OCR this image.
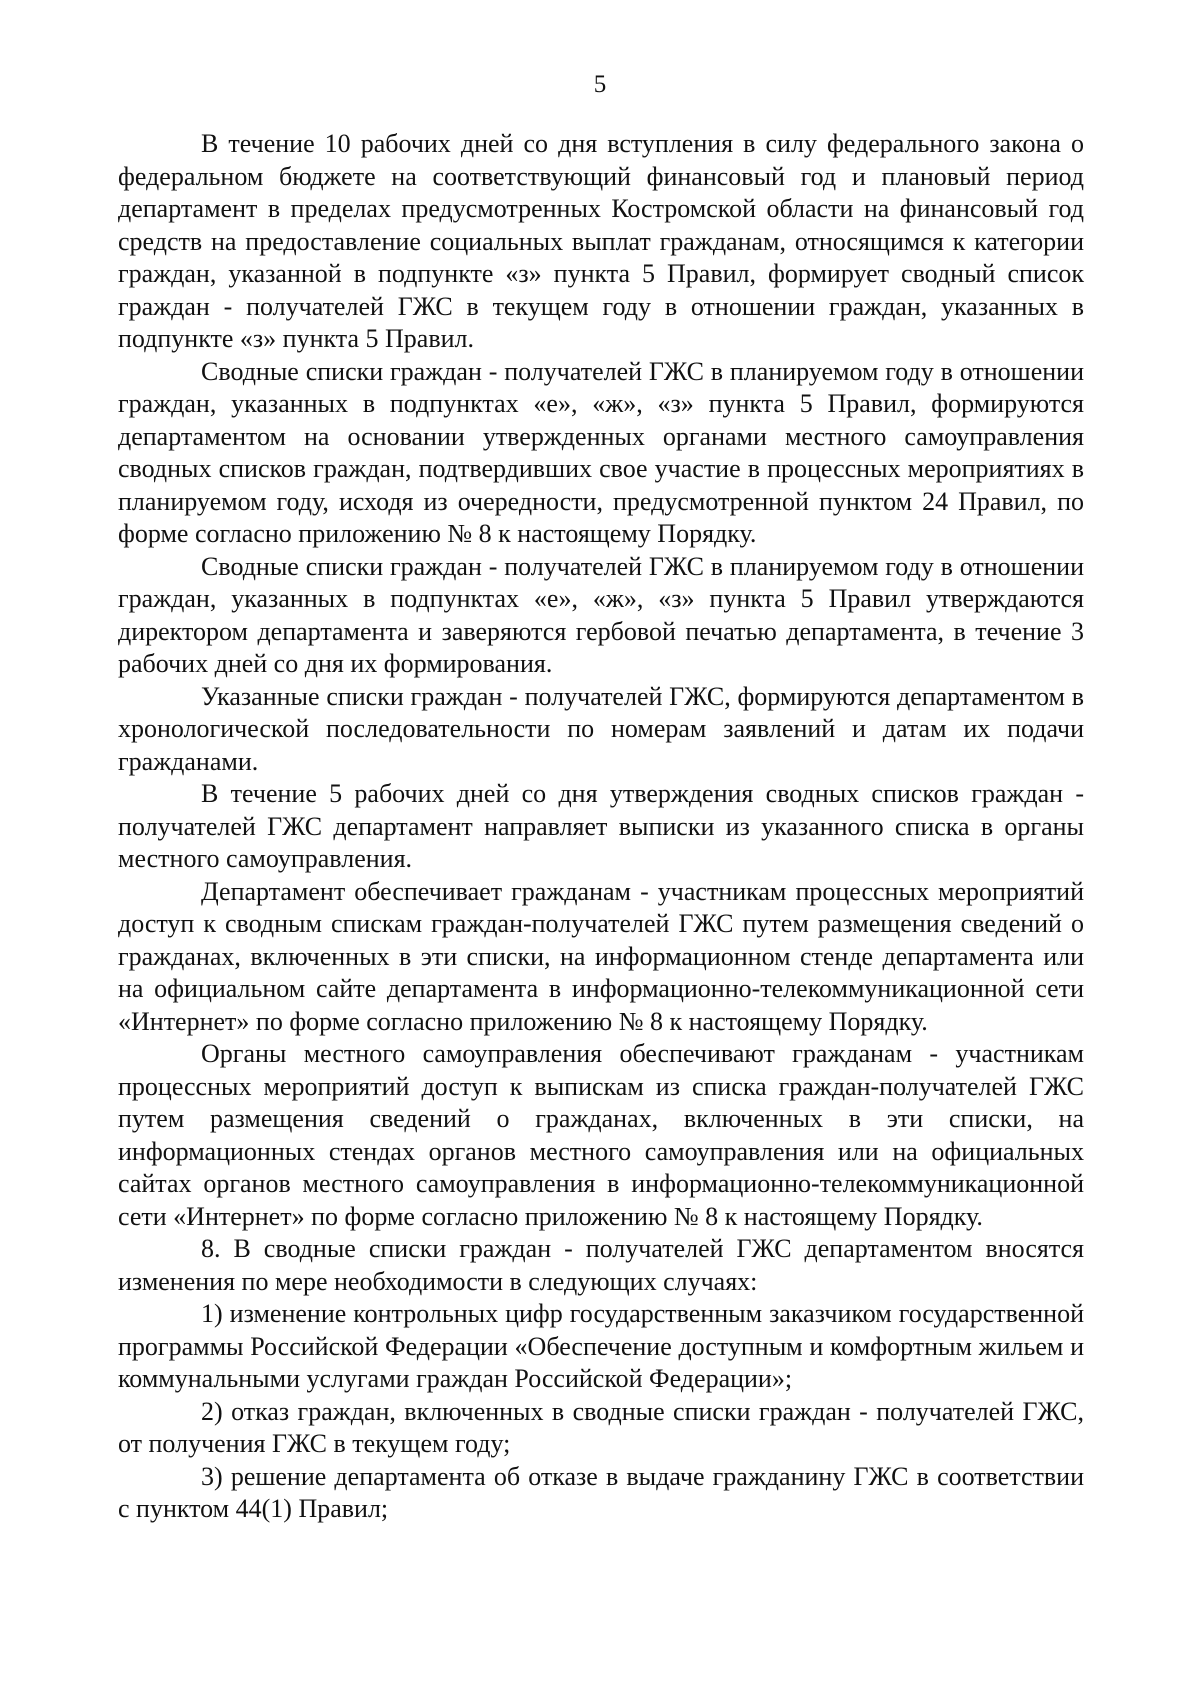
5

В течение 10 рабочих дней со дня вступления в силу федерального закона о федеральном бюджете на соответствующий финансовый год и плановый период департамент в пределах предусмотренных Костромской области на финансовый год средств на предоставление социальных выплат гражданам, относящимся к категории граждан, указанной в подпункте «з» пункта 5 Правил, формирует сводный список граждан - получателей ГЖС в текущем году в отношении граждан, указанных в подпункте «з» пункта 5 Правил.

Сводные списки граждан - получателей ГЖС в планируемом году в отношении граждан, указанных в подпунктах «е», «ж», «з» пункта 5 Правил, формируются департаментом на основании утвержденных органами местного самоуправления сводных списков граждан, подтвердивших свое участие в процессных мероприятиях в планируемом году, исходя из очередности, предусмотренной пунктом 24 Правил, по форме согласно приложению № 8 к настоящему Порядку.

Сводные списки граждан - получателей ГЖС в планируемом году в отношении граждан, указанных в подпунктах «е», «ж», «з» пункта 5 Правил утверждаются директором департамента и заверяются гербовой печатью департамента, в течение 3 рабочих дней со дня их формирования.

Указанные списки граждан - получателей ГЖС, формируются департаментом в хронологической последовательности по номерам заявлений и датам их подачи гражданами.

В течение 5 рабочих дней со дня утверждения сводных списков граждан - получателей ГЖС департамент направляет выписки из указанного списка в органы местного самоуправления.

Департамент обеспечивает гражданам - участникам процессных мероприятий доступ к сводным спискам граждан-получателей ГЖС путем размещения сведений о гражданах, включенных в эти списки, на информационном стенде департамента или на официальном сайте департамента в информационно-телекоммуникационной сети «Интернет» по форме согласно приложению № 8 к настоящему Порядку.

Органы местного самоуправления обеспечивают гражданам - участникам процессных мероприятий доступ к выпискам из списка граждан-получателей ГЖС путем размещения сведений о гражданах, включенных в эти списки, на информационных стендах органов местного самоуправления или на официальных сайтах органов местного самоуправления в информационно-телекоммуникационной сети «Интернет» по форме согласно приложению № 8 к настоящему Порядку.

8. В сводные списки граждан - получателей ГЖС департаментом вносятся изменения по мере необходимости в следующих случаях:

1) изменение контрольных цифр государственным заказчиком государственной программы Российской Федерации «Обеспечение доступным и комфортным жильем и коммунальными услугами граждан Российской Федерации»;

2) отказ граждан, включенных в сводные списки граждан - получателей ГЖС, от получения ГЖС в текущем году;

3) решение департамента об отказе в выдаче гражданину ГЖС в соответствии с пунктом 44(1) Правил;
